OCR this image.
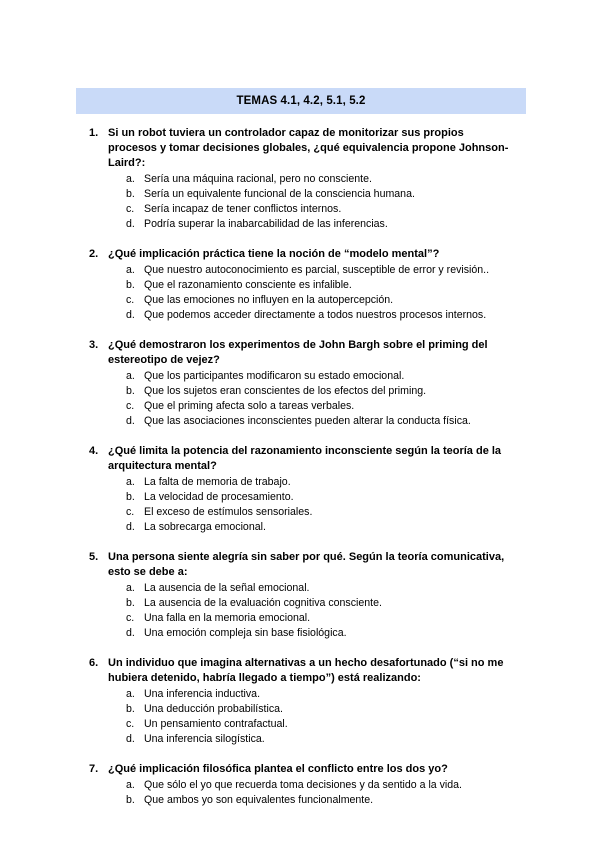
TEMAS 4.1, 4.2, 5.1, 5.2
1. Si un robot tuviera un controlador capaz de monitorizar sus propios procesos y tomar decisiones globales, ¿qué equivalencia propone Johnson-Laird?:
a. Sería una máquina racional, pero no consciente.
b. Sería un equivalente funcional de la consciencia humana.
c. Sería incapaz de tener conflictos internos.
d. Podría superar la inabarcabilidad de las inferencias.
2. ¿Qué implicación práctica tiene la noción de “modelo mental”?
a. Que nuestro autoconocimiento es parcial, susceptible de error y revisión..
b. Que el razonamiento consciente es infalible.
c. Que las emociones no influyen en la autopercepción.
d. Que podemos acceder directamente a todos nuestros procesos internos.
3. ¿Qué demostraron los experimentos de John Bargh sobre el priming del estereotipo de vejez?
a. Que los participantes modificaron su estado emocional.
b. Que los sujetos eran conscientes de los efectos del priming.
c. Que el priming afecta solo a tareas verbales.
d. Que las asociaciones inconscientes pueden alterar la conducta física.
4. ¿Qué limita la potencia del razonamiento inconsciente según la teoría de la arquitectura mental?
a. La falta de memoria de trabajo.
b. La velocidad de procesamiento.
c. El exceso de estímulos sensoriales.
d. La sobrecarga emocional.
5. Una persona siente alegría sin saber por qué. Según la teoría comunicativa, esto se debe a:
a. La ausencia de la señal emocional.
b. La ausencia de la evaluación cognitiva consciente.
c. Una falla en la memoria emocional.
d. Una emoción compleja sin base fisiológica.
6. Un individuo que imagina alternativas a un hecho desafortunado (“si no me hubiera detenido, habría llegado a tiempo”) está realizando:
a. Una inferencia inductiva.
b. Una deducción probabilística.
c. Un pensamiento contrafactual.
d. Una inferencia silogística.
7. ¿Qué implicación filosófica plantea el conflicto entre los dos yo?
a. Que sólo el yo que recuerda toma decisiones y da sentido a la vida.
b. Que ambos yo son equivalentes funcionalmente.
